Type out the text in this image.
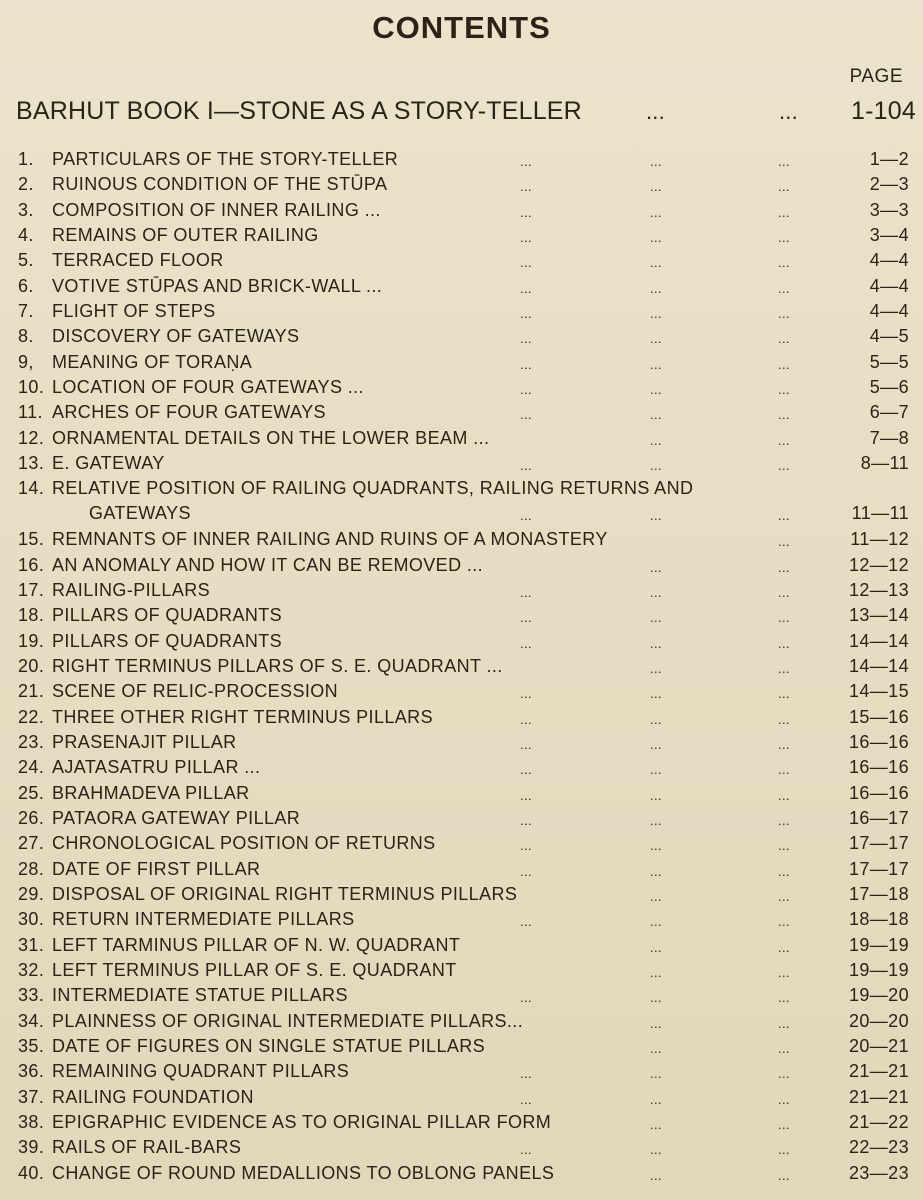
CONTENTS
PAGE
BARHUT BOOK I—STONE AS A STORY-TELLER	...	... 1-104
1. PARTICULARS OF THE STORY-TELLER	...	...	...	1—2
2. RUINOUS CONDITION OF THE STŪPA	...	...	...	2—3
3. COMPOSITION OF INNER RAILING ...	...	...	...	3—3
4. REMAINS OF OUTER RAILING	...	...	...	3—4
5. TERRACED FLOOR	...	...	...	4—4
6. VOTIVE STŪPAS AND BRICK-WALL ...	...	...	...	4—4
7. FLIGHT OF STEPS	...	...	...	4—4
8. DISCOVERY OF GATEWAYS	...	...	...	4—5
9, MEANING OF TORAṆA	...	...	...	5—5
10. LOCATION OF FOUR GATEWAYS ...	...	...	...	5—6
11. ARCHES OF FOUR GATEWAYS	...	...	...	6—7
12. ORNAMENTAL DETAILS ON THE LOWER BEAM ...	...	...	7—8
13. E. GATEWAY	...	...	...	8—11
14. RELATIVE POSITION OF RAILING QUADRANTS, RAILING RETURNS AND
GATEWAYS	...	...	...	11—11
15. REMNANTS OF INNER RAILING AND RUINS OF A MONASTERY	...	11—12
16. AN ANOMALY AND HOW IT CAN BE REMOVED ...	...	...	12—12
17. RAILING-PILLARS	...	...	...	12—13
18. PILLARS OF QUADRANTS	...	...	...	13—14
19. PILLARS OF QUADRANTS	...	...	...	14—14
20. RIGHT TERMINUS PILLARS OF S. E. QUADRANT ...	...	...	14—14
21. SCENE OF RELIC-PROCESSION	...	...	...	14—15
22. THREE OTHER RIGHT TERMINUS PILLARS	...	...	...	15—16
23. PRASENAJIT PILLAR	...	...	...	16—16
24. AJATASATRU PILLAR ...	...	...	...	16—16
25. BRAHMADEVA PILLAR	...	...	...	16—16
26. PATAORA GATEWAY PILLAR	...	...	...	16—17
27. CHRONOLOGICAL POSITION OF RETURNS	...	...	...	17—17
28. DATE OF FIRST PILLAR	...	...	...	17—17
29. DISPOSAL OF ORIGINAL RIGHT TERMINUS PILLARS	...	...	17—18
30. RETURN INTERMEDIATE PILLARS	...	...	...	18—18
31. LEFT TARMINUS PILLAR OF N. W. QUADRANT	...	...	19—19
32. LEFT TERMINUS PILLAR OF S. E. QUADRANT	...	...	19—19
33. INTERMEDIATE STATUE PILLARS	...	...	...	19—20
34. PLAINNESS OF ORIGINAL INTERMEDIATE PILLARS...	...	...	20—20
35. DATE OF FIGURES ON SINGLE STATUE PILLARS	...	...	20—21
36. REMAINING QUADRANT PILLARS	...	...	...	21—21
37. RAILING FOUNDATION	...	...	...	21—21
38. EPIGRAPHIC EVIDENCE AS TO ORIGINAL PILLAR FORM	...	...	21—22
39. RAILS OF RAIL-BARS	...	...	...	22—23
40. CHANGE OF ROUND MEDALLIONS TO OBLONG PANELS	...	...	23—23
